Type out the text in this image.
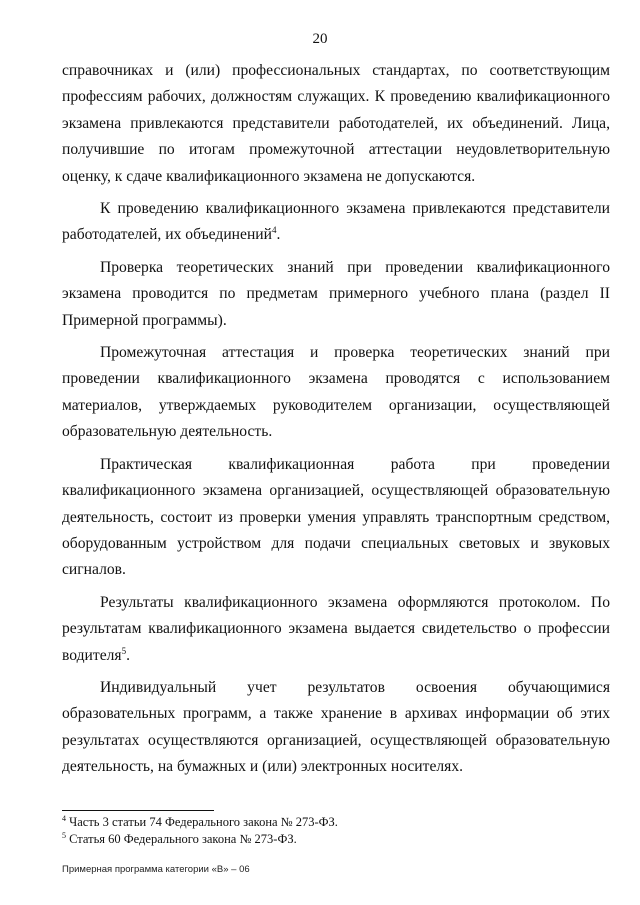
20

справочниках и (или) профессиональных стандартах, по соответствующим профессиям рабочих, должностям служащих. К проведению квалификационного экзамена привлекаются представители работодателей, их объединений. Лица, получившие по итогам промежуточной аттестации неудовлетворительную оценку, к сдаче квалификационного экзамена не допускаются.

К проведению квалификационного экзамена привлекаются представители работодателей, их объединений$^4$.

Проверка теоретических знаний при проведении квалификационного экзамена проводится по предметам примерного учебного плана (раздел II Примерной программы).

Промежуточная аттестация и проверка теоретических знаний при проведении квалификационного экзамена проводятся с использованием материалов, утверждаемых руководителем организации, осуществляющей образовательную деятельность.

Практическая квалификационная работа при проведении квалификационного экзамена организацией, осуществляющей образовательную деятельность, состоит из проверки умения управлять транспортным средством, оборудованным устройством для подачи специальных световых и звуковых сигналов.

Результаты квалификационного экзамена оформляются протоколом. По результатам квалификационного экзамена выдается свидетельство о профессии водителя$^5$.

Индивидуальный учет результатов освоения обучающимися образовательных программ, а также хранение в архивах информации об этих результатах осуществляются организацией, осуществляющей образовательную деятельность, на бумажных и (или) электронных носителях.

$^4$ Часть 3 статьи 74 Федерального закона № 273-ФЗ.

$^5$ Статья 60 Федерального закона № 273-ФЗ.

Примерная программа категории «В» – 06
